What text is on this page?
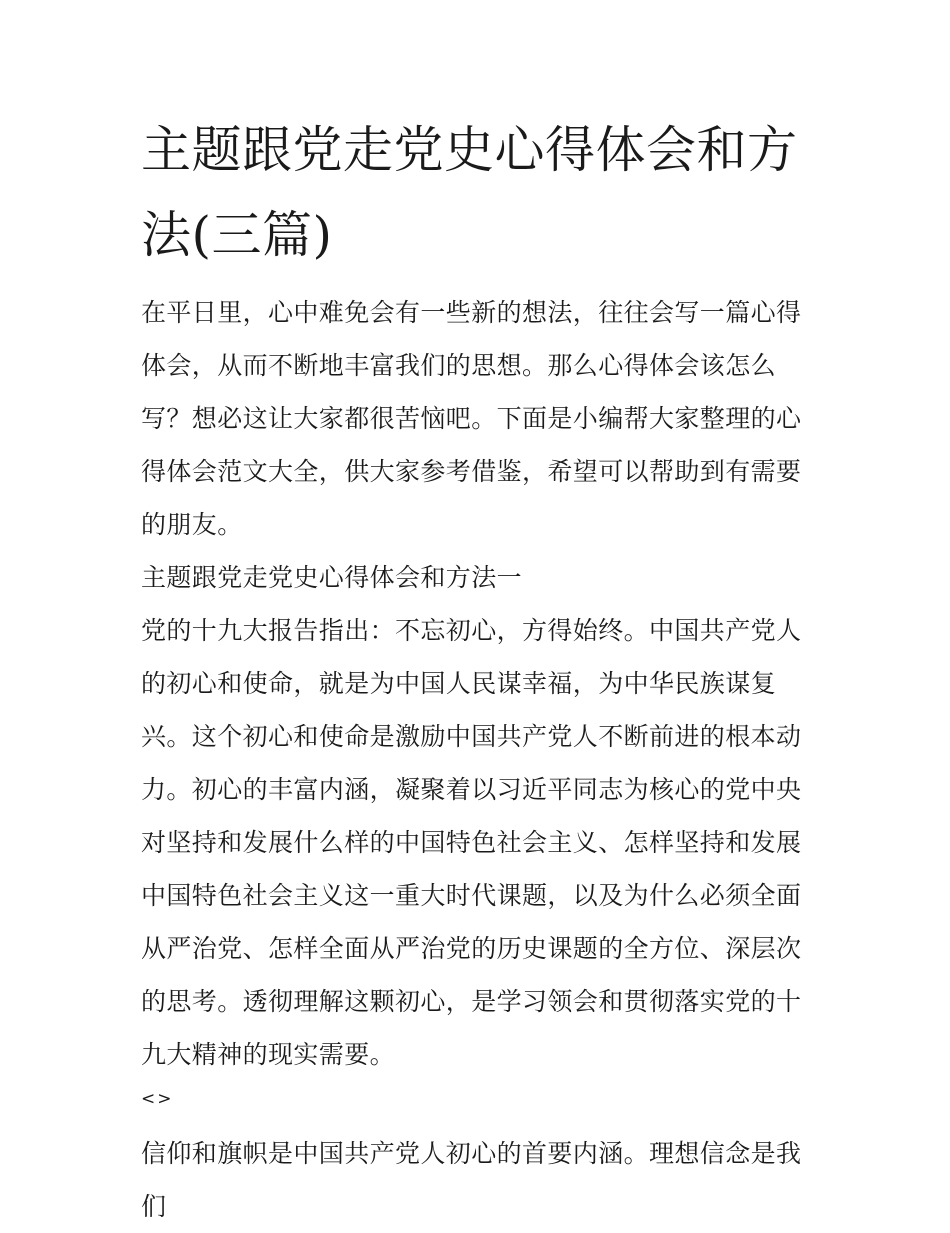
主题跟党走党史心得体会和方法(三篇)

在平日里，心中难免会有一些新的想法，往往会写一篇心得体会，从而不断地丰富我们的思想。那么心得体会该怎么写？想必这让大家都很苦恼吧。下面是小编帮大家整理的心得体会范文大全，供大家参考借鉴，希望可以帮助到有需要的朋友。

主题跟党走党史心得体会和方法一

党的十九大报告指出：不忘初心，方得始终。中国共产党人的初心和使命，就是为中国人民谋幸福，为中华民族谋复兴。这个初心和使命是激励中国共产党人不断前进的根本动力。初心的丰富内涵，凝聚着以习近平同志为核心的党中央对坚持和发展什么样的中国特色社会主义、怎样坚持和发展中国特色社会主义这一重大时代课题，以及为什么必须全面从严治党、怎样全面从严治党的历史课题的全方位、深层次的思考。透彻理解这颗初心，是学习领会和贯彻落实党的十九大精神的现实需要。

<>

信仰和旗帜是中国共产党人初心的首要内涵。理想信念是我们
